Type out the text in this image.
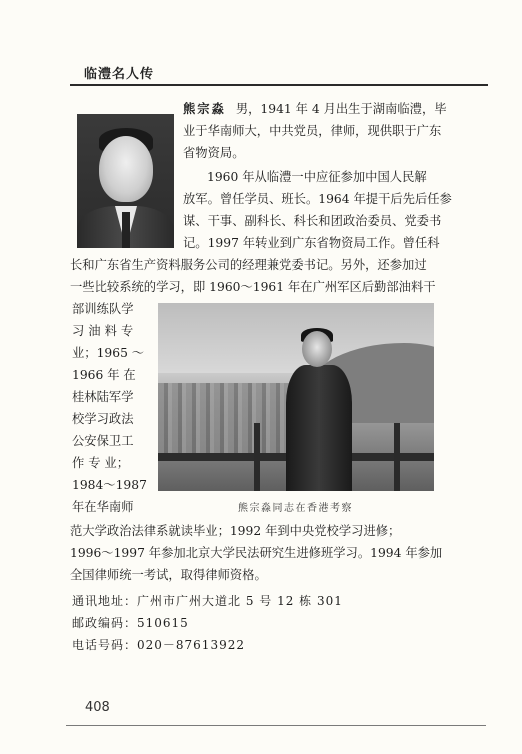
临澧名人传
熊宗淼 男，1941 年 4 月出生于湖南临澧，毕
业于华南师大，中共党员，律师，现供职于广东
省物资局。
1960 年从临澧一中应征参加中国人民解
放军。曾任学员、班长。1964 年提干后先后任参
谋、干事、副科长、科长和团政治委员、党委书
记。1997 年转业到广东省物资局工作。曾任科
长和广东省生产资料服务公司的经理兼党委书记。另外，还参加过
一些比较系统的学习，即 1960～1961 年在广州军区后勤部油料干
部训练队学
习油料专
业；1965 ～
1966 年 在
桂林陆军学
校学习政法
公安保卫工
作 专 业；
1984～1987
年在华南师
范大学政治法律系就读毕业；1992 年到中央党校学习进修；
1996～1997 年参加北京大学民法研究生进修班学习。1994 年参加
全国律师统一考试，取得律师资格。
熊宗淼同志在香港考察
通讯地址：广州市广州大道北 5 号 12 栋 301
邮政编码：510615
电话号码：020－87613922
408
